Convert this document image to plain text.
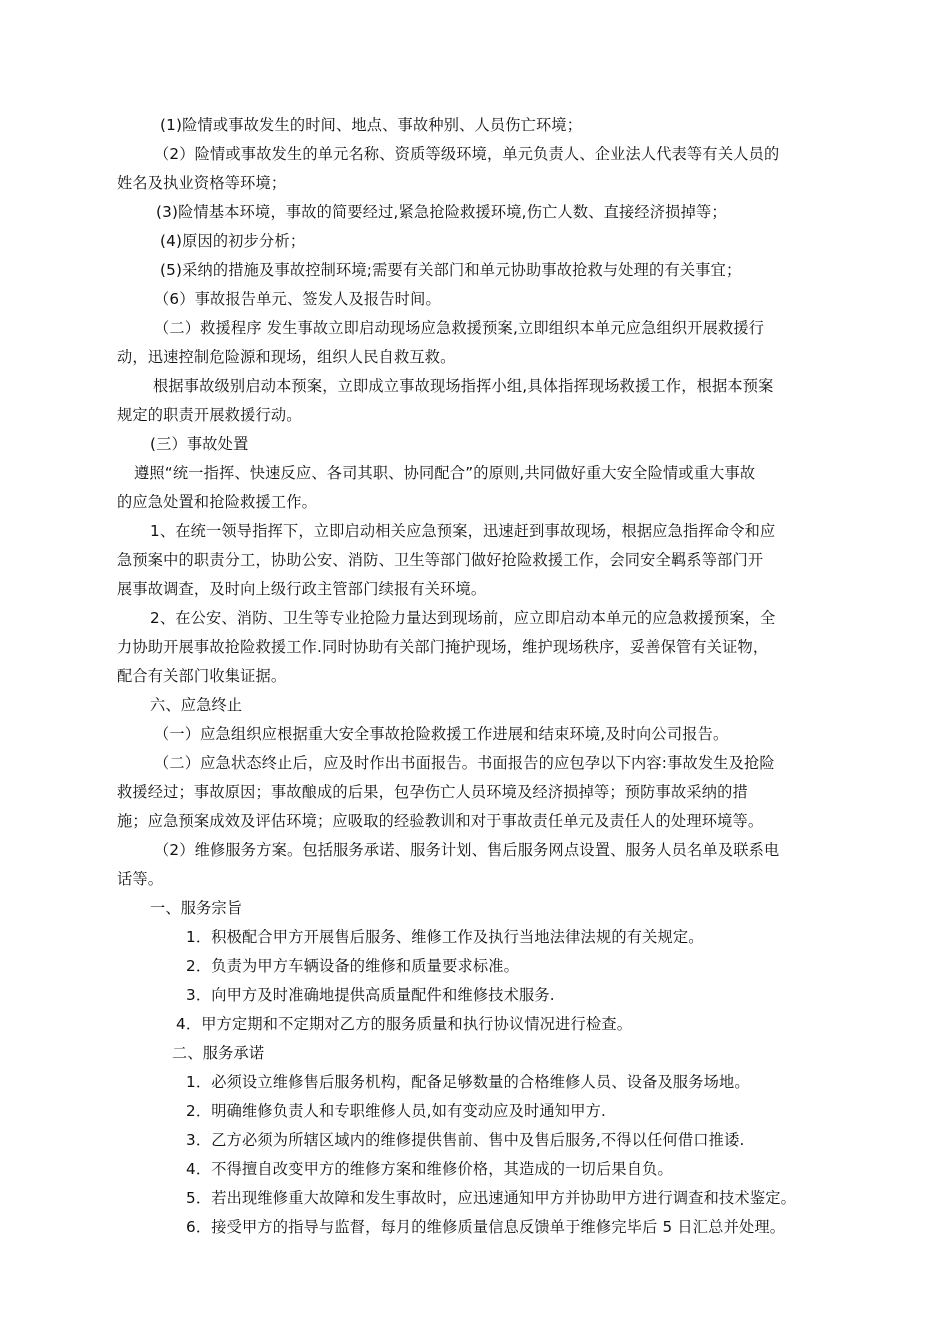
(1)险情或事故发生的时间、地点、事故种别、人员伤亡环境；
（2）险情或事故发生的单元名称、资质等级环境，单元负责人、企业法人代表等有关人员的
姓名及执业资格等环境；
(3)险情基本环境，事故的简要经过,紧急抢险救援环境,伤亡人数、直接经济损掉等；
(4)原因的初步分析；
(5)采纳的措施及事故控制环境;需要有关部门和单元协助事故抢救与处理的有关事宜；
（6）事故报告单元、签发人及报告时间。
（二）救援程序 发生事故立即启动现场应急救援预案,立即组织本单元应急组织开展救援行
动，迅速控制危险源和现场，组织人民自救互救。
根据事故级别启动本预案，立即成立事故现场指挥小组,具体指挥现场救援工作，根据本预案
规定的职责开展救援行动。
(三）事故处置
遵照“统一指挥、快速反应、各司其职、协同配合”的原则,共同做好重大安全险情或重大事故
的应急处置和抢险救援工作。
1、在统一领导指挥下，立即启动相关应急预案，迅速赶到事故现场，根据应急指挥命令和应
急预案中的职责分工，协助公安、消防、卫生等部门做好抢险救援工作，会同安全羁系等部门开
展事故调查，及时向上级行政主管部门续报有关环境。
2、在公安、消防、卫生等专业抢险力量达到现场前，应立即启动本单元的应急救援预案，全
力协助开展事故抢险救援工作.同时协助有关部门掩护现场，维护现场秩序，妥善保管有关证物，
配合有关部门收集证据。
六、应急终止
（一）应急组织应根据重大安全事故抢险救援工作进展和结束环境,及时向公司报告。
（二）应急状态终止后，应及时作出书面报告。书面报告的应包孕以下内容:事故发生及抢险
救援经过；事故原因；事故酿成的后果，包孕伤亡人员环境及经济损掉等；预防事故采纳的措
施；应急预案成效及评估环境；应吸取的经验教训和对于事故责任单元及责任人的处理环境等。
（2）维修服务方案。包括服务承诺、服务计划、售后服务网点设置、服务人员名单及联系电
话等。
一、服务宗旨
1．积极配合甲方开展售后服务、维修工作及执行当地法律法规的有关规定。
2．负责为甲方车辆设备的维修和质量要求标准。
3．向甲方及时准确地提供高质量配件和维修技术服务.
4．甲方定期和不定期对乙方的服务质量和执行协议情况进行检查。
二、服务承诺
1．必须设立维修售后服务机构，配备足够数量的合格维修人员、设备及服务场地。
2．明确维修负责人和专职维修人员,如有变动应及时通知甲方.
3．乙方必须为所辖区域内的维修提供售前、售中及售后服务,不得以任何借口推诿.
4．不得擅自改变甲方的维修方案和维修价格，其造成的一切后果自负。
5．若出现维修重大故障和发生事故时，应迅速通知甲方并协助甲方进行调查和技术鉴定。
6．接受甲方的指导与监督，每月的维修质量信息反馈单于维修完毕后 5 日汇总并处理。
